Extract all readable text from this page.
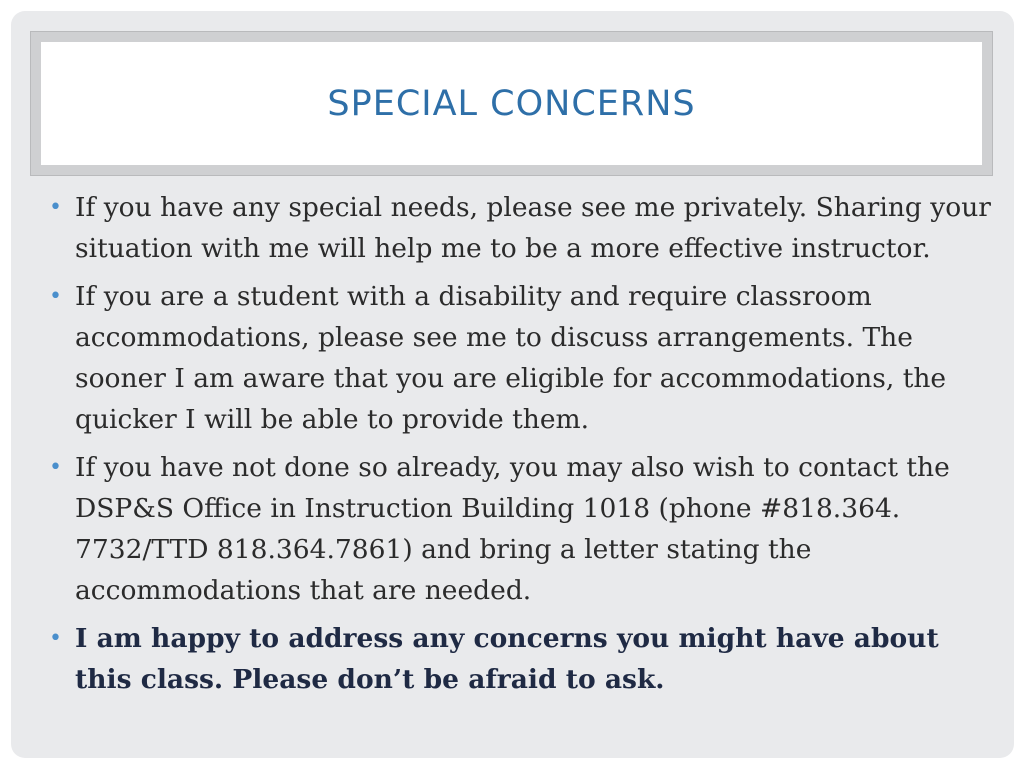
SPECIAL CONCERNS
• If you have any special needs, please see me privately. Sharing your situation with me will help me to be a more effective instructor.
• If you are a student with a disability and require classroom accommodations, please see me to discuss arrangements. The sooner I am aware that you are eligible for accommodations, the quicker I will be able to provide them.
• If you have not done so already, you may also wish to contact the DSP&S Office in Instruction Building 1018 (phone #818.364. 7732/TTD 818.364.7861) and bring a letter stating the accommodations that are needed.
• I am happy to address any concerns you might have about this class. Please don’t be afraid to ask.
